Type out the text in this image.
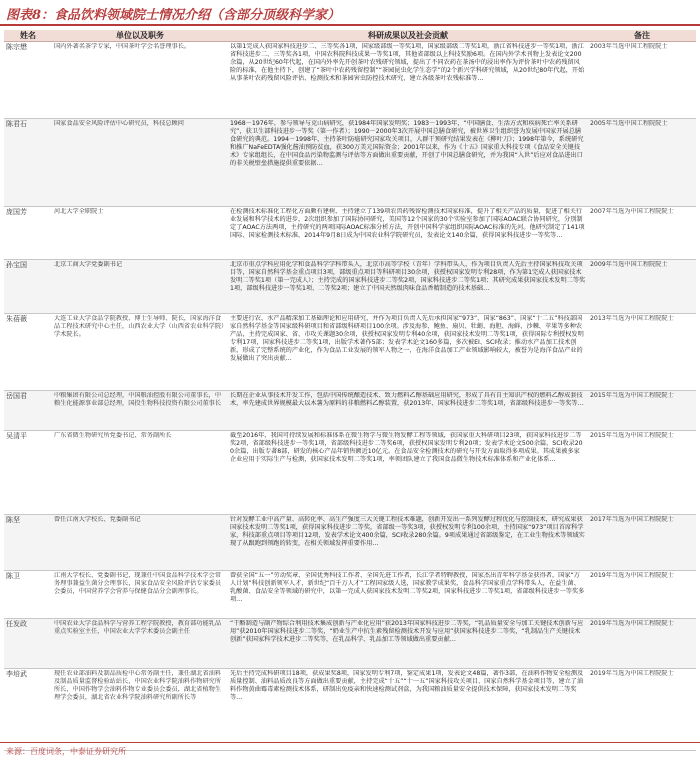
图表8：食品饮料领域院士情况介绍（含部分顶级科学家）
姓名	单位以及职务	科研成果以及社会贡献	备注

陈宗懋	国内外著名茶学专家，中国茶叶学会名誉理事长。	以第1完成人获国家科技进步二、三等奖各1项，国家级部级一等奖1项，国家级部级二等奖1项，浙江省科技进步一等奖1项，浙江省科技进步二、三等奖各1项，中国农科院科技成果一等奖1项，其他省部级以上科技奖励6项。在国内外学术刊物上发表论文200余篇，从20世纪60年代起，在国内外率先开创茶叶农残研究领域，提出了不同农药在茶汤中的浸出率作为评价茶叶中农药残留风险的标准，在他主持下，创建了“茶叶中农药残留控制”“茶园昆虫化学生态学”的2个新兴学科研究领域，从20世纪80年代起，开始从事茶叶农药残留风险评估、检测技术和茶园害虫防控技术研究，建立各级茶叶农残标准等…	2003年当选中国工程院院士

陈君石	国家食品安全风险评估中心研究员，科技总顾问	1968－1976年，参与领导与克山病研究，获1984年国家发明奖；1983－1993年，“中国膳食、生活方式和疾病死亡率关系研究”，获卫生部科技进步一等奖（第一作者）；1990－2000年3次开展中国总膳食研究，被世界卫生组织誉为发展中国家开展总膳食研究的典范。1994－1998年，主持茶叶防癌研究国家攻关项目，人群干预研究结果发表在《柳叶刀》；1998年第今，系统研究和推广NaFeEDTA强化酱油预防贫血，获300万美元国际资金；2001年以来，作为《十五》国家重大科技专项《食品安全关键技术》专家组组长，在中国食品污染物监测与评估等方面做出重要贡献，开创了中国总膳食研究，并为我国“入世”后应对食品进出口的非关税壁垒措施提供重要依据…	2005年当选中国工程院院士

庞国芳	河北大学全职院士	在检测技术标准化工程化方面颇有建树，主持建立了139项农兽药残留检测技术国家标准，提升了相关产品的质量，促进了相关行业发展和科学技术的进步，2次组织参加了国际协同研究，美国等12个国家的30个实验室参加了国际AOAC联合协同研究，分别制定了AOAC方法两项，主持研究的两项国际AOAC标准分析方法，开创中国科学家组织国际AOAC标准的先河。他研究制定了141项国际、国家检测技术标准，2014年9月8日成为中国农业科学院研究员，发表论文140余篇，获得国家科技进步一等奖等…	2007年当选为中国工程院院士

孙宝国	北京工商大学党委副书记	北京市重点学科应用化学和食品科学学科带头人，北京市高等学校（青年）学科带头人，作为项目负责人先后主持国家科技攻关项目等，国家自然科学基金重点项目3项，部级重点项目等科研项目30余项，获授权国家发明专利28项，作为第1完成人获国家技术发明二等奖1项（第一完成人）；主持完成的国家科技进步二等奖2项，国家科技进步二等奖1项；其研究成果获国家技术发明二等奖1项，部级科技进步一等奖1项、二等奖2项；建立了中国天然级肉味食品香精制造的技术基础…	2009年当选中国工程院院士

朱蓓薇	大连工业大学食品学院教授、博士生导师、院长，国家海洋食品工程技术研究中心主任，山西农业大学（山西省农业科学院）学术院长。	主要进行农、水产品精深加工基础理论和应用研究，并作为项目负责人先后承担国家“973”、国家“863”、国家“十二五”科技部国家自然科学基金等国家级科研项目和省部级科研项目100余项。涉及海参、鲍鱼、扇贝、牡蛎、海胆、海鲜、沙棘、苹果等多种农产品，主持完成国家、省、市攻关课题30余项，获授权国家发明专利40余项，获国家技术发明二等奖1项，获得国际专利授权发明专利17项，国家科技进步二等奖1项，出版学术著作5部；发表学术论文160多篇，多次被EI、SCI收录；推动水产品加工技术创新，形成了完整系统的产业化，作为食品工业发展的领军人物之一，在海洋食品加工产业领域影响较大，被誉为是海洋食品产业的发展做出了突出贡献…	2013年当选为中国工程院院士

岳国君	中粮集团有限公司总经理，中国粮油控股有限公司董事长，中粮生化能源事业部总经理，国投生物科技投资有限公司董事长	长期在企业从事技术开发工作，包括中国传统酿造技术、致力燃料乙醇基础应用研究，形成了具有自主知识产权的燃料乙醇成套技术，率先建成世界规模最大以木薯为原料的非粮燃料乙醇装置，获2013年、国家科技进步二等奖1项，省部级科技进步一等奖等…	2015年当选为中国工程院院士

吴清平	广东省微生物研究所党委书记、常务副所长	截至2016年，我国可持续发展和标准体系在微生物学与微生物发酵工程等领域，获国家重大科研项目23项，获国家科技进步二等奖2项，省部级科技进步一等奖1项，省部级科技进步二等奖6项，获授权国家发明专利20项；发表学术论文500余篇，SCI收录200余篇，出版专著8部，研发的核心产品年销售额近10亿元。在食品安全检测技术的研究与开发方面取得多项成果。其成果被多家企业应用于实际生产与检测，获国家技术发明二等奖1项，率领团队建立了我国食品微生物技术标准体系和产业化体系…	2015年当选为中国工程院院士

陈坚	曾任江南大学校长、党委副书记	针对发酵工业中高产量、高转化率、高生产强度三大关键工程技术难题，创新开发出一系列发酵过程优化与控制技术，研究成果获国家技术发明二等奖1项，获得国家科技进步二等奖，省部级一等奖3项，获授权发明专利100余项，主持国家“973”项目首席科学家，科技部重点项目等项目12项，发表学术论文400余篇，SCI收录280余篇。9项成果通过省部级鉴定，在工业生物技术等领域实现了从跟跑到领跑的转变，在相关领域发挥重要作用…	2017年当选为中国工程院院士

陈卫	江南大学校长、党委副书记，现兼任中国食品科学技术学会常务理事兼益生菌分会理事长，国家食品安全风险评估专家委员会委员，中国营养学会营养与保健食品分会副理事长。	曾获全国“五一”劳动奖章、全国优秀科技工作者、全国先进工作者，长江学者特聘教授，国家杰出青年科学基金获得者，国家“万人计划”科技创新领军人才，新世纪“百千万人才”工程国家级人选，国家教学成果奖，食品科学国家重点学科带头人，在益生菌、乳酸菌、食品安全等领域的研究中，以第一完成人获国家技术发明二等奖2项，国家科技进步二等奖1项，省部级科技进步一等奖多项…	2019年当选为中国工程院院士

任发政	中国农业大学食品科学与营养工程学院教授，教育部功能乳品重点实验室主任，中国农业大学学术委员会副主任	“干酪制造与副产物综合利用技术集成创新与产业化应用”获2013年国家科技进步二等奖，“乳品质量安全与加工关键技术创新与应用”获2010年国家科技进步二等奖，“奶业生产中抗生素残留检测技术开发与应用”获国家科技进步二等奖，“乳制品生产关键技术创新”获国家科学技术进步二等奖等，在乳品科学、乳品加工等领域做出重要贡献…	2019年当选为中国工程院院士

李培武	现任农业部油料及制品质检中心常务副主任，兼任湖北省油料及制品质量监督检验站站长，中国农业科学院油料作物研究所所长，中国作物学会油料作物专业委员会委员，湖北省植物生理学会委员，湖北省农业科学院油料研究所副所长等	先后主持完成科研项目18项，获成果奖8项，国家发明专利7项，鉴定成果1项，发表论文48篇，著作3部，在油料作物安全检测及质量控制、油料品质改良等方面做出重要贡献，主持完成“十五”“十一五”国家科技攻关项目、国家自然科学基金项目等，建立了油料作物黄曲霉毒素检测技术体系，研制出免疫亲和快速检测试剂盒，为我国粮油质量安全提供技术保障，获国家技术发明二等奖等…	2019年当选为中国工程院院士
来源：百度词条，中泰证券研究所
